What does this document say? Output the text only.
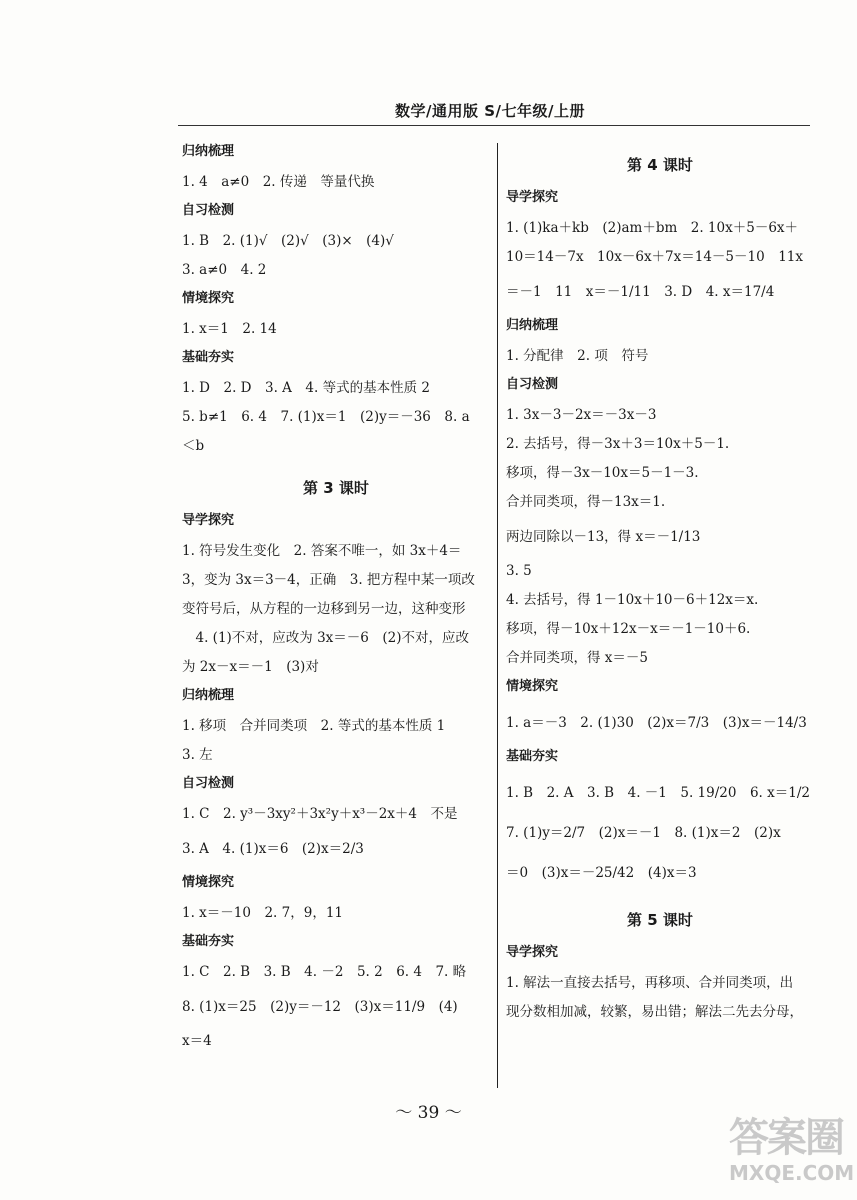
数学/通用版 S/七年级/上册
归纳梳理
1. 4　a≠0　2. 传递　等量代换
自习检测
1. B　2. (1)√　(2)√　(3)×　(4)√
3. a≠0　4. 2
情境探究
1. x＝1　2. 14
基础夯实
1. D　2. D　3. A　4. 等式的基本性质 2
5. b≠1　6. 4　7. (1)x＝1　(2)y＝－36　8. a
＜b
第 3 课时
导学探究
1. 符号发生变化　2. 答案不唯一，如 3x＋4＝
3，变为 3x＝3－4，正确　3. 把方程中某一项改
变符号后，从方程的一边移到另一边，这种变形
　4. (1)不对，应改为 3x＝－6　(2)不对，应改
为 2x－x＝－1　(3)对
归纳梳理
1. 移项　合并同类项　2. 等式的基本性质 1
3. 左
自习检测
1. C　2. y³－3xy²＋3x²y＋x³－2x＋4　不是
3. A　4. (1)x＝6　(2)x＝2/3
情境探究
1. x＝－10　2. 7，9，11
基础夯实
1. C　2. B　3. B　4. －2　5. 2　6. 4　7. 略
8. (1)x＝25　(2)y＝－12　(3)x＝11/9　(4)
x＝4
第 4 课时
导学探究
1. (1)ka＋kb　(2)am＋bm　2. 10x＋5－6x＋
10＝14－7x　10x－6x＋7x＝14－5－10　11x
＝－1　11　x＝－1/11　3. D　4. x＝17/4
归纳梳理
1. 分配律　2. 项　符号
自习检测
1. 3x－3－2x＝－3x－3
2. 去括号，得－3x＋3＝10x＋5－1.
移项，得－3x－10x＝5－1－3.
合并同类项，得－13x＝1.
两边同除以－13，得 x＝－1/13
3. 5
4. 去括号，得 1－10x＋10－6＋12x＝x.
移项，得－10x＋12x－x＝－1－10＋6.
合并同类项，得 x＝－5
情境探究
1. a＝－3　2. (1)30　(2)x＝7/3　(3)x＝－14/3
基础夯实
1. B　2. A　3. B　4. －1　5. 19/20　6. x＝1/2
7. (1)y＝2/7　(2)x＝－1　8. (1)x＝2　(2)x
＝0　(3)x＝－25/42　(4)x＝3
第 5 课时
导学探究
1. 解法一直接去括号，再移项、合并同类项，出
现分数相加减，较繁，易出错；解法二先去分母，
～ 39 ～
答案圈
MXQE.COM
